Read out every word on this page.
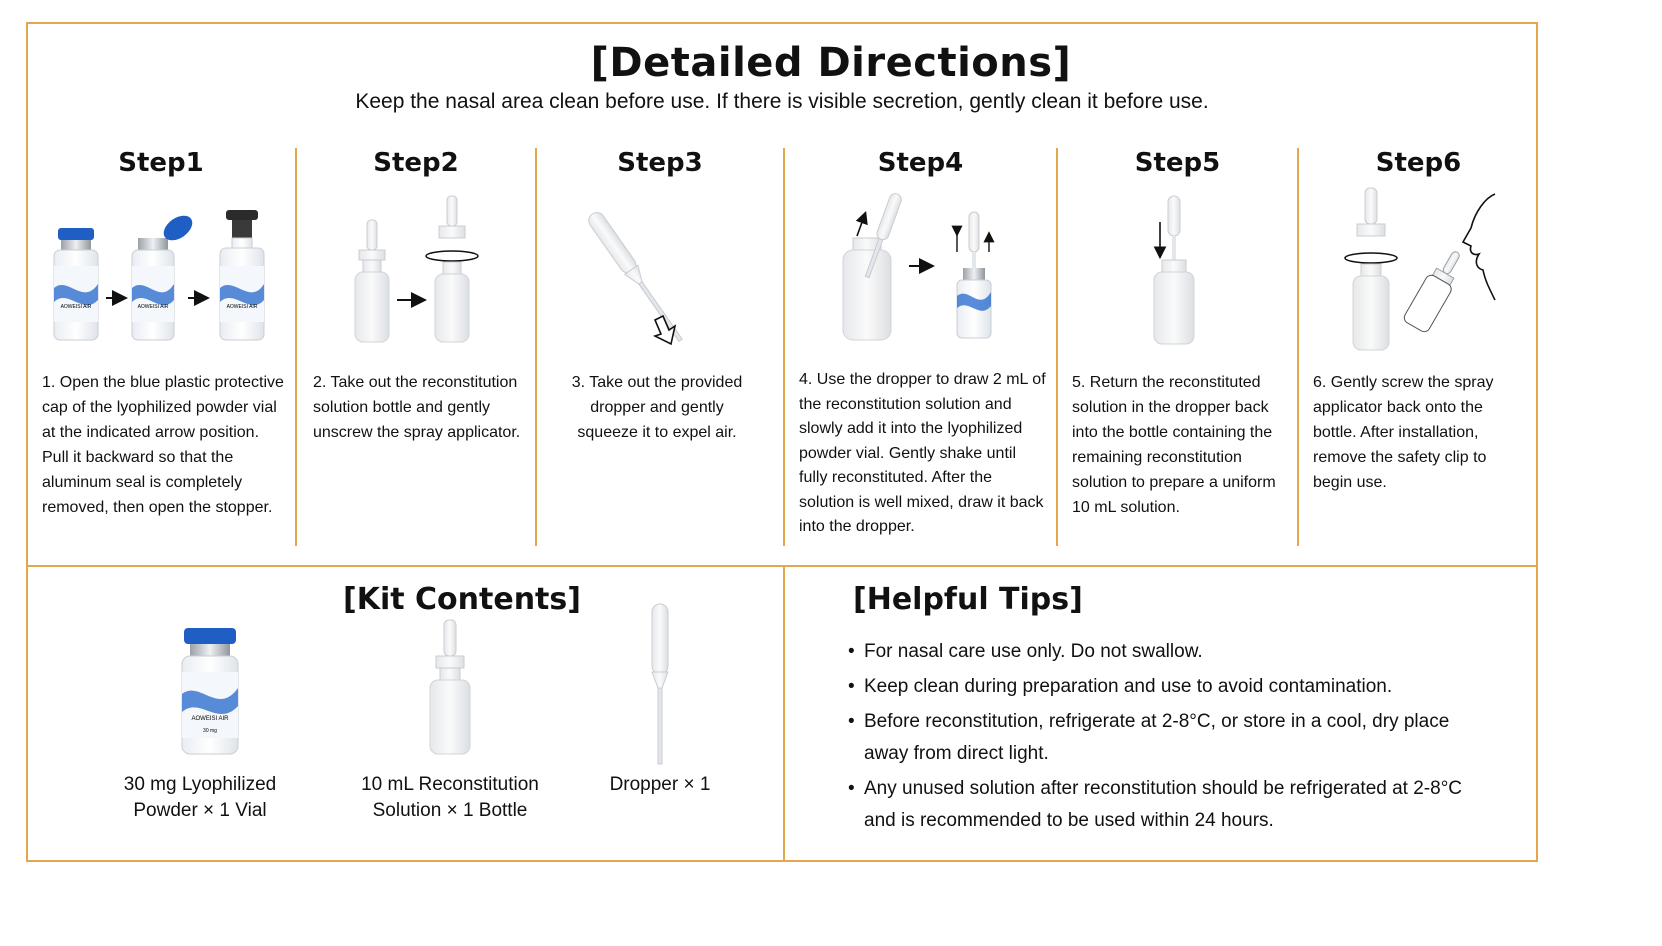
[Detailed Directions]
Keep the nasal area clean before use. If there is visible secretion, gently clean it before use.
Step1
AOWEISI AIR	AOWEISI AIR	AOWEISI AIR
1. Open the blue plastic protective cap of the lyophilized powder vial at the indicated arrow position. Pull it backward so that the aluminum seal is completely removed, then open the stopper.
Step2
2. Take out the reconstitution solution bottle and gently unscrew the spray applicator.
Step3
3. Take out the provided dropper and gently squeeze it to expel air.
Step4
4. Use the dropper to draw 2 mL of the reconstitution solution and slowly add it into the lyophilized powder vial. Gently shake until fully reconstituted. After the solution is well mixed, draw it back into the dropper.
Step5
5. Return the reconstituted solution in the dropper back into the bottle containing the remaining reconstitution solution to prepare a uniform 10 mL solution.
Step6
6. Gently screw the spray applicator back onto the bottle. After installation, remove the safety clip to begin use.
[Kit Contents]
AOWEISI AIR
30 mg
30 mg Lyophilized
Powder × 1 Vial
10 mL Reconstitution
Solution × 1 Bottle
Dropper × 1
[Helpful Tips]
• For nasal care use only. Do not swallow.
• Keep clean during preparation and use to avoid contamination.
• Before reconstitution, refrigerate at 2-8°C, or store in a cool, dry place away from direct light.
• Any unused solution after reconstitution should be refrigerated at 2-8°C and is recommended to be used within 24 hours.
